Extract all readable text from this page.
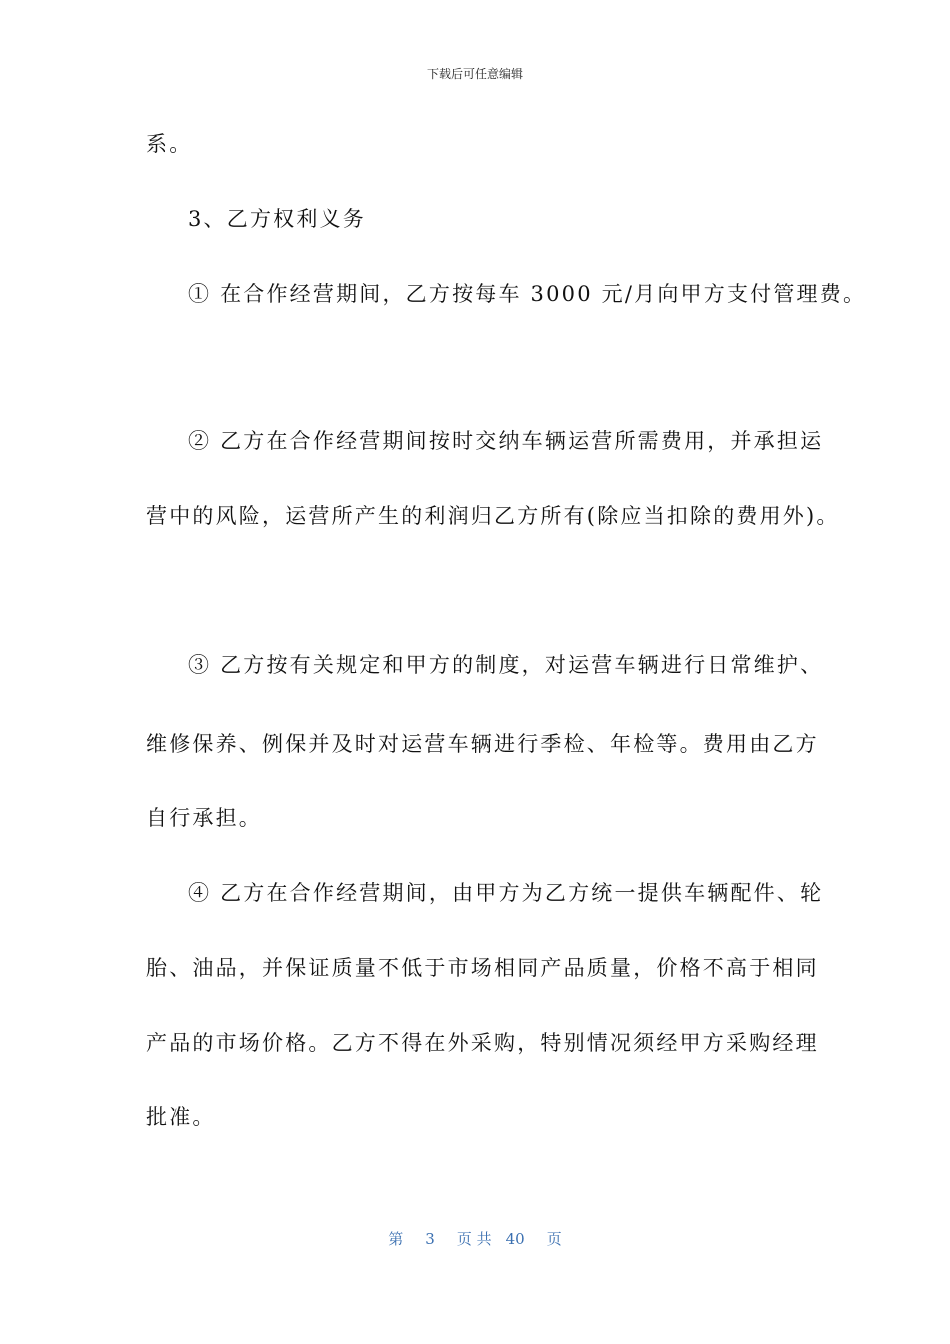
下载后可任意编辑
系。
3、乙方权利义务
① 在合作经营期间，乙方按每车 3000 元/月向甲方支付管理费。
② 乙方在合作经营期间按时交纳车辆运营所需费用，并承担运
营中的风险，运营所产生的利润归乙方所有(除应当扣除的费用外)。
③ 乙方按有关规定和甲方的制度，对运营车辆进行日常维护、
维修保养、例保并及时对运营车辆进行季检、年检等。费用由乙方
自行承担。
④ 乙方在合作经营期间，由甲方为乙方统一提供车辆配件、轮
胎、油品，并保证质量不低于市场相同产品质量，价格不高于相同
产品的市场价格。乙方不得在外采购，特别情况须经甲方采购经理
批准。
第 3 页 共 40 页
